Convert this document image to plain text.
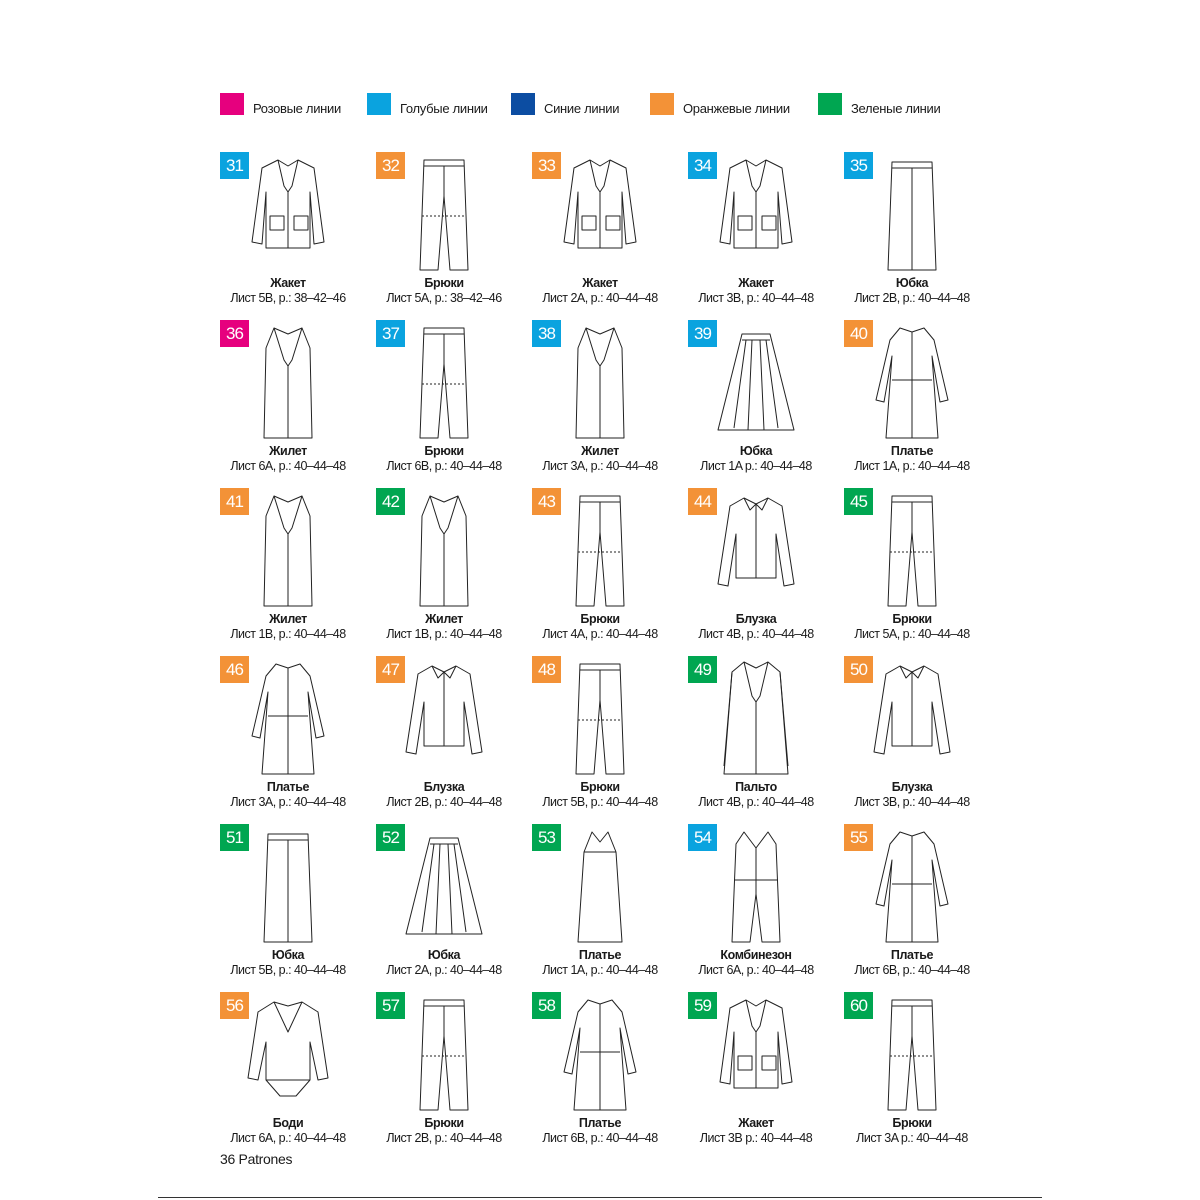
Розовые линии	Голубые линии	Синие линии	Оранжевые линии	Зеленые линии
31
Жакет
Лист 5B, р.: 38–42–46
32
Брюки
Лист 5A, р.: 38–42–46
33
Жакет
Лист 2A, р.: 40–44–48
34
Жакет
Лист 3B, р.: 40–44–48
35
Юбка
Лист 2B, р.: 40–44–48
36
Жилет
Лист 6A, р.: 40–44–48
37
Брюки
Лист 6B, р.: 40–44–48
38
Жилет
Лист 3A, р.: 40–44–48
39
Юбка
Лист 1A р.: 40–44–48
40
Платье
Лист 1A, р.: 40–44–48
41
Жилет
Лист 1B, р.: 40–44–48
42
Жилет
Лист 1B, р.: 40–44–48
43
Брюки
Лист 4A, р.: 40–44–48
44
Блузка
Лист 4B, р.: 40–44–48
45
Брюки
Лист 5A, р.: 40–44–48
46
Платье
Лист 3A, р.: 40–44–48
47
Блузка
Лист 2B, р.: 40–44–48
48
Брюки
Лист 5B, р.: 40–44–48
49
Пальто
Лист 4B, р.: 40–44–48
50
Блузка
Лист 3B, р.: 40–44–48
51
Юбка
Лист 5B, р.: 40–44–48
52
Юбка
Лист 2A, р.: 40–44–48
53
Платье
Лист 1A, р.: 40–44–48
54
Комбинезон
Лист 6A, р.: 40–44–48
55
Платье
Лист 6B, р.: 40–44–48
56
Боди
Лист 6A, р.: 40–44–48
57
Брюки
Лист 2B, р.: 40–44–48
58
Платье
Лист 6B, р.: 40–44–48
59
Жакет
Лист 3B р.: 40–44–48
60
Брюки
Лист 3A р.: 40–44–48
36 Patrones
